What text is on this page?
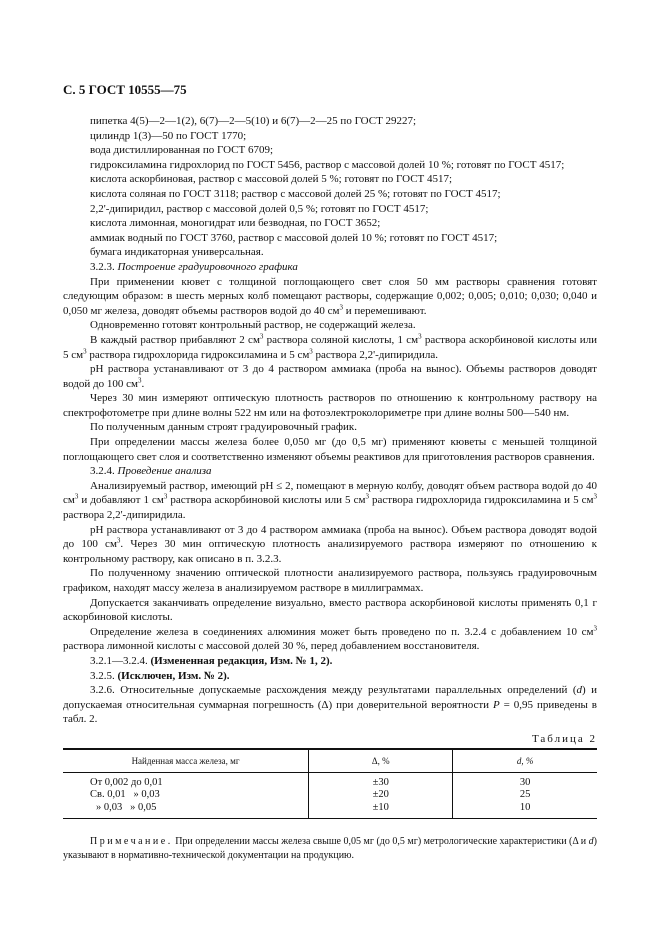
С. 5 ГОСТ 10555—75

пипетка 4(5)—2—1(2), 6(7)—2—5(10) и 6(7)—2—25 по ГОСТ 29227;

цилиндр 1(3)—50 по ГОСТ 1770;

вода дистиллированная по ГОСТ 6709;

гидроксиламина гидрохлорид по ГОСТ 5456, раствор с массовой долей 10 %; готовят по ГОСТ 4517;

кислота аскорбиновая, раствор с массовой долей 5 %; готовят по ГОСТ 4517;

кислота соляная по ГОСТ 3118; раствор с массовой долей 25 %; готовят по ГОСТ 4517;

2,2'-дипиридил, раствор с массовой долей 0,5 %; готовят по ГОСТ 4517;

кислота лимонная, моногидрат или безводная, по ГОСТ 3652;

аммиак водный по ГОСТ 3760, раствор с массовой долей 10 %; готовят по ГОСТ 4517;

бумага индикаторная универсальная.

3.2.3. Построение градуировочного графика

При применении кювет с толщиной поглощающего свет слоя 50 мм растворы сравнения готовят следующим образом: в шесть мерных колб помещают растворы, содержащие 0,002; 0,005; 0,010; 0,030; 0,040 и 0,050 мг железа, доводят объемы растворов водой до 40 $см^3$ и перемешивают.

Одновременно готовят контрольный раствор, не содержащий железа.

В каждый раствор прибавляют 2 $см^3$ раствора соляной кислоты, 1 $см^3$ раствора аскорбиновой кислоты или 5 $см^3$ раствора гидрохлорида гидроксиламина и 5 $см^3$ раствора 2,2'-дипиридила.

pH раствора устанавливают от 3 до 4 раствором аммиака (проба на вынос). Объемы растворов доводят водой до 100 $см^3$.

Через 30 мин измеряют оптическую плотность растворов по отношению к контрольному раствору на спектрофотометре при длине волны 522 нм или на фотоэлектроколориметре при длине волны 500—540 нм.

По полученным данным строят градуировочный график.

При определении массы железа более 0,050 мг (до 0,5 мг) применяют кюветы с меньшей толщиной поглощающего свет слоя и соответственно изменяют объемы реактивов для приготовления растворов сравнения.

3.2.4. Проведение анализа

Анализируемый раствор, имеющий pH ≤ 2, помещают в мерную колбу, доводят объем раствора водой до 40 $см^3$ и добавляют 1 $см^3$ раствора аскорбиновой кислоты или 5 $см^3$ раствора гидрохлорида гидроксиламина и 5 $см^3$ раствора 2,2'-дипиридила.

pH раствора устанавливают от 3 до 4 раствором аммиака (проба на вынос). Объем раствора доводят водой до 100 $см^3$. Через 30 мин оптическую плотность анализируемого раствора измеряют по отношению к контрольному раствору, как описано в п. 3.2.3.

По полученному значению оптической плотности анализируемого раствора, пользуясь градуировочным графиком, находят массу железа в анализируемом растворе в миллиграммах.

Допускается заканчивать определение визуально, вместо раствора аскорбиновой кислоты применять 0,1 г аскорбиновой кислоты.

Определение железа в соединениях алюминия может быть проведено по п. 3.2.4 с добавлением 10 $см^3$ раствора лимонной кислоты с массовой долей 30 %, перед добавлением восстановителя.

3.2.1—3.2.4. (Измененная редакция, Изм. № 1, 2).

3.2.5. (Исключен, Изм. № 2).

3.2.6. Относительные допускаемые расхождения между результатами параллельных определений (d) и допускаемая относительная суммарная погрешность (Δ) при доверительной вероятности P = 0,95 приведены в табл. 2.

Таблица 2
Найденная масса железа, мг	Δ, %	d, %
От 0,002 до 0,01	±30	30
Св. 0,01   » 0,03	±20	25
» 0,03   » 0,05	±10	10

Примечание. При определении массы железа свыше 0,05 мг (до 0,5 мг) метрологические характеристики (Δ и d) указывают в нормативно-технической документации на продукцию.
